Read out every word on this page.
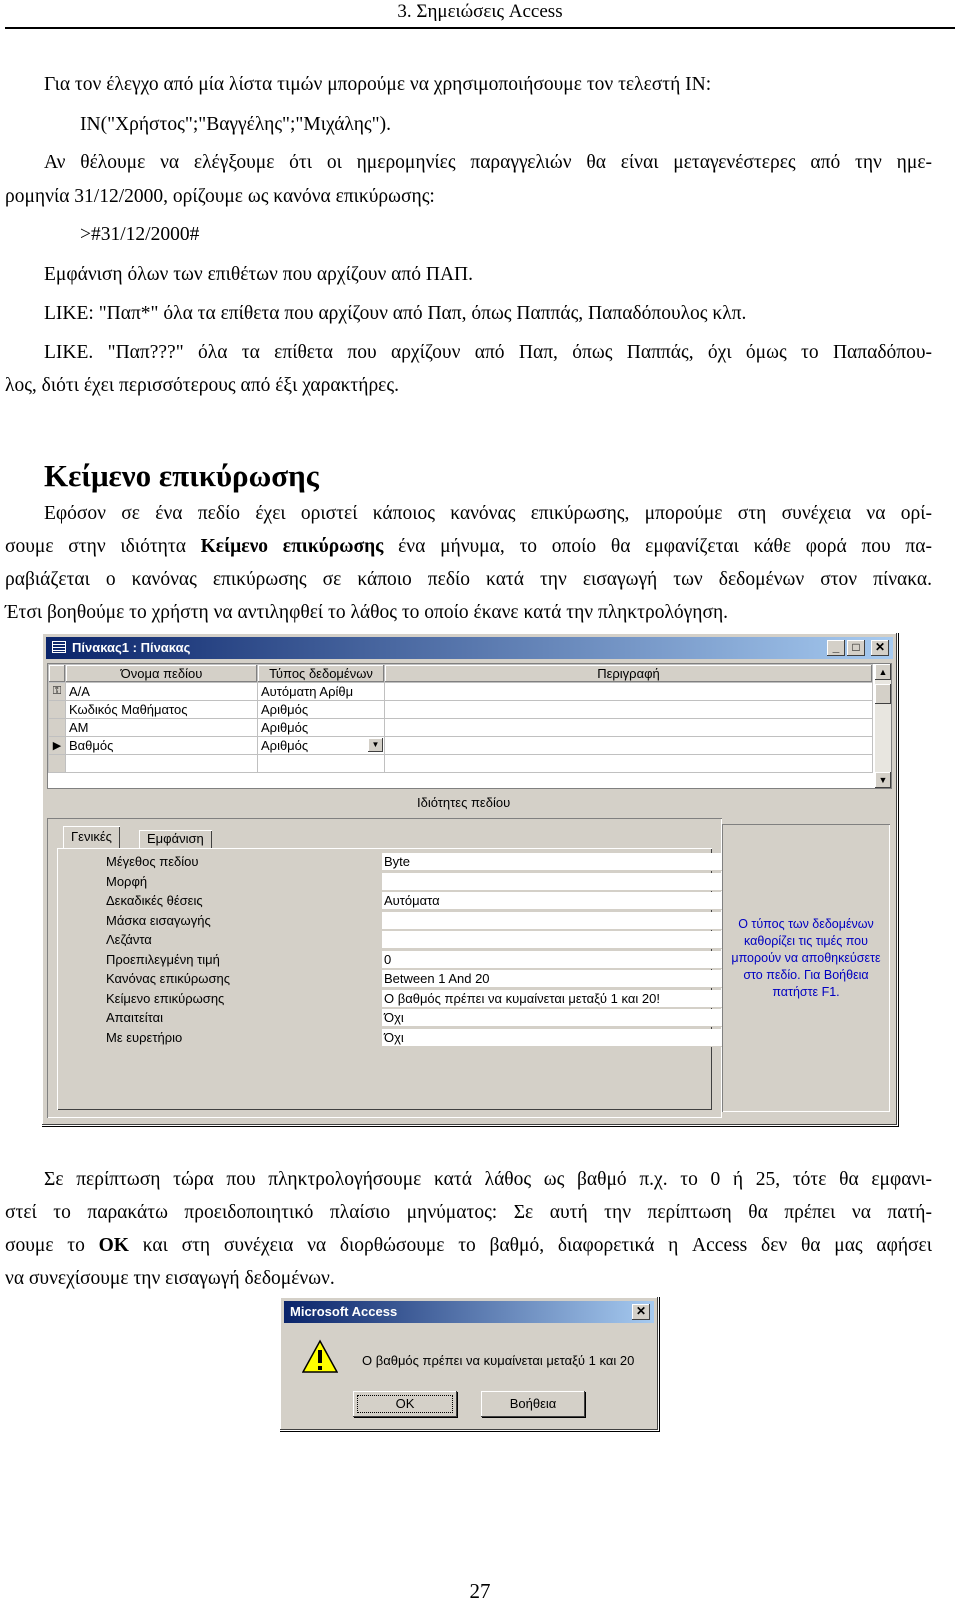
3. Σημειώσεις Access

Για τον έλεγχο από μία λίστα τιμών μπορούμε να χρησιμοποιήσουμε τον τελεστή IN:

IN("Χρήστος";"Βαγγέλης";"Μιχάλης").

Αν θέλουμε να ελέγξουμε ότι οι ημερομηνίες παραγγελιών θα είναι μεταγενέστερες από την ημε-

ρομηνία 31/12/2000, ορίζουμε ως κανόνα επικύρωσης:

>#31/12/2000#

Εμφάνιση όλων των επιθέτων που αρχίζουν από ΠΑΠ.

LIKE: "Παπ*" όλα τα επίθετα που αρχίζουν από Παπ, όπως Παππάς, Παπαδόπουλος κλπ.

LIKE. "Παπ???" όλα τα επίθετα που αρχίζουν από Παπ, όπως Παππάς, όχι όμως το Παπαδόπου-

λος, διότι έχει περισσότερους από έξι χαρακτήρες.

Κείμενο επικύρωσης

Εφόσον σε ένα πεδίο έχει οριστεί κάποιος κανόνας επικύρωσης, μπορούμε στη συνέχεια να ορί-

σουμε στην ιδιότητα Κείμενο επικύρωσης ένα μήνυμα, το οποίο θα εμφανίζεται κάθε φορά που πα-

ραβιάζεται ο κανόνας επικύρωσης σε κάποιο πεδίο κατά την εισαγωγή των δεδομένων στον πίνακα.

Έτσι βοηθούμε το χρήστη να αντιληφθεί το λάθος το οποίο έκανε κατά την πληκτρολόγηση.

Πίνακας1 : Πίνακας	_	□	✕
	Όνομα πεδίου	Τύπος δεδομένων	Περιγραφή
⚿	Α/Α	Αυτόματη Αρίθμ	
	Κωδικός Μαθήματος	Αριθμός	
	ΑΜ	Αριθμός	
▶	Βαθμός	Αριθμός ▼	

▲
▼
Ιδιότητες πεδίου
Γενικές	Εμφάνιση
Μέγεθος πεδίου	Byte
Μορφή
Δεκαδικές θέσεις	Αυτόματα
Μάσκα εισαγωγής
Λεζάντα
Προεπιλεγμένη τιμή	0
Κανόνας επικύρωσης	Between 1 And 20
Κείμενο επικύρωσης	Ο βαθμός πρέπει να κυμαίνεται μεταξύ 1 και 20!
Απαιτείται	Όχι
Με ευρετήριο	Όχι
Ο τύπος των δεδομένων καθορίζει τις τιμές που μπορούν να αποθηκεύσετε στο πεδίο. Για Βοήθεια πατήστε F1.

Σε περίπτωση τώρα που πληκτρολογήσουμε κατά λάθος ως βαθμό π.χ. το 0 ή 25, τότε θα εμφανι-

στεί το παρακάτω προειδοποιητικό πλαίσιο μηνύματος: Σε αυτή την περίπτωση θα πρέπει να πατή-

σουμε το OK και στη συνέχεια να διορθώσουμε το βαθμό, διαφορετικά η Access δεν θα μας αφήσει

να συνεχίσουμε την εισαγωγή δεδομένων.

Microsoft Access	✕
Ο βαθμός πρέπει να κυμαίνεται μεταξύ 1 και 20
OK	Βοήθεια
27
